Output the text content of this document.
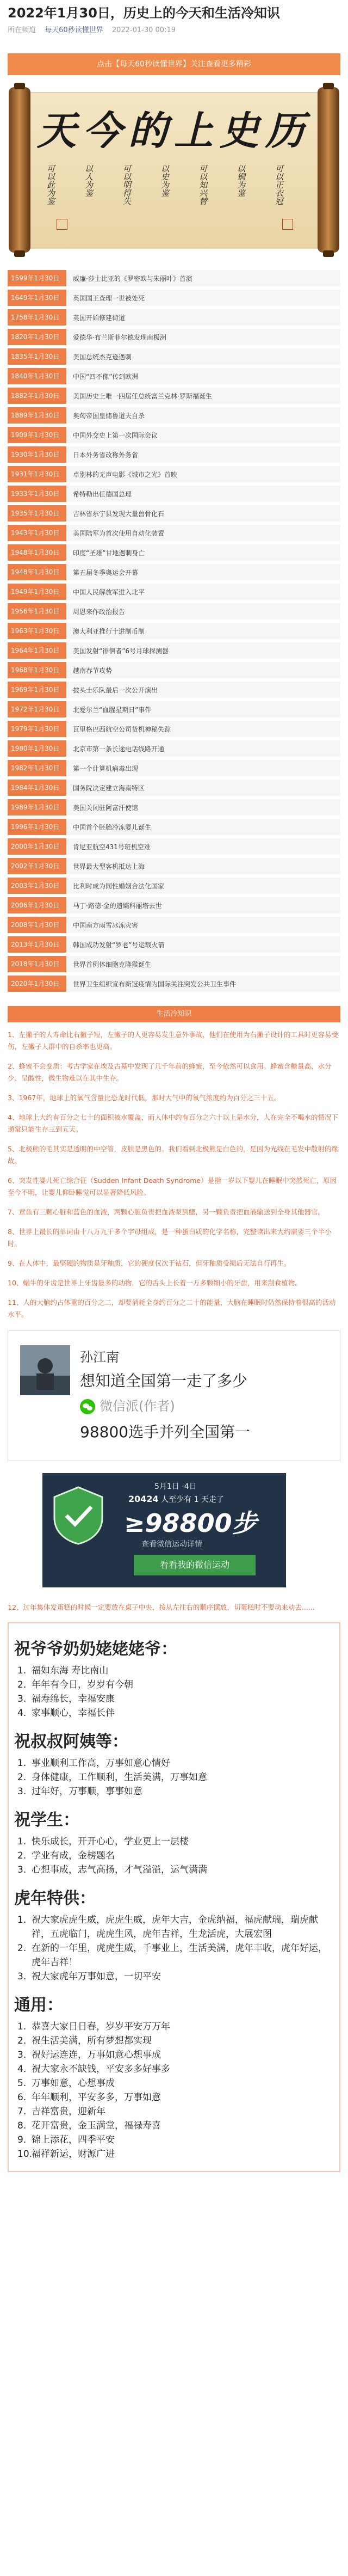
2022年1月30日，历史上的今天和生活冷知识
所在频道 每天60秒读懂世界 2022-01-30 00:19
点击【每天60秒读懂世界】关注查看更多精彩
天今的上史历
可以此为鉴	以人为鉴	可以明得失	以史为鉴	可以知兴替	以铜为鉴	可以正衣冠
1599年1月30日	威廉·莎士比亚的《罗密欧与朱丽叶》首演
1649年1月30日	英国国王查理一世被处死
1758年1月30日	英国开始修建街道
1820年1月30日	爱德华·布兰斯菲尔德发现南极洲
1835年1月30日	美国总统杰克逊遇刺
1840年1月30日	中国“四不像”传到欧洲
1882年1月30日	美国历史上唯一四届任总统富兰克林·罗斯福诞生
1889年1月30日	奥匈帝国皇储鲁道夫自杀
1909年1月30日	中国外交史上第一次国际会议
1930年1月30日	日本外务省改称外务省
1931年1月30日	卓别林的无声电影《城市之光》首映
1933年1月30日	希特勒出任德国总理
1935年1月30日	吉林省东宁县发现大量兽骨化石
1943年1月30日	美国陆军为首次使用自动化装置
1948年1月30日	印度“圣雄”甘地遇刺身亡
1948年1月30日	第五届冬季奥运会开幕
1949年1月30日	中国人民解放军进入北平
1956年1月30日	周恩来作政治报告
1963年1月30日	澳大利亚推行十进制币制
1964年1月30日	美国发射“徘徊者”6号月球探测器
1968年1月30日	越南春节攻势
1969年1月30日	披头士乐队最后一次公开演出
1972年1月30日	北爱尔兰“血腥星期日”事件
1979年1月30日	瓦里格巴西航空公司货机神秘失踪
1980年1月30日	北京市第一条长途电话线路开通
1982年1月30日	第一个计算机病毒出现
1984年1月30日	国务院决定建立海南特区
1989年1月30日	美国关闭驻阿富汗使馆
1996年1月30日	中国首个胚胎冷冻婴儿诞生
2000年1月30日	肯尼亚航空431号班机空难
2002年1月30日	世界最大型客机抵达上海
2003年1月30日	比利时成为同性婚姻合法化国家
2006年1月30日	马丁·路德·金的遗孀科丽塔去世
2008年1月30日	中国南方雨雪冰冻灾害
2013年1月30日	韩国成功发射“罗老”号运载火箭
2018年1月30日	世界首例体细胞克隆猴诞生
2020年1月30日	世界卫生组织宣布新冠疫情为国际关注突发公共卫生事件
生活冷知识

1、左撇子的人寿命比右撇子短，左撇子的人更容易发生意外事故，他们在使用为右撇子设计的工具时更容易受伤，左撇子人群中的自杀率也更高。

2、蜂蜜不会变质：考古学家在埃及古墓中发现了几千年前的蜂蜜，至今依然可以食用。蜂蜜含糖量高、水分少、呈酸性，微生物难以在其中生存。

3、1967年，地球上的氧气含量比恐龙时代低，那时大气中的氧气浓度约为百分之三十五。

4、地球上大约有百分之七十的面积被水覆盖，而人体中约有百分之六十以上是水分，人在完全不喝水的情况下通常只能生存三到五天。

5、北极熊的毛其实是透明的中空管，皮肤是黑色的。我们看到北极熊是白色的，是因为光线在毛发中散射的缘故。

6、突发性婴儿死亡综合征（Sudden Infant Death Syndrome）是指一岁以下婴儿在睡眠中突然死亡，原因至今不明，让婴儿仰卧睡觉可以显著降低风险。

7、章鱼有三颗心脏和蓝色的血液，两颗心脏负责把血液泵到鳃，另一颗负责把血液输送到全身其他器官。

8、世界上最长的单词由十八万九千多个字母组成，是一种蛋白质的化学名称，完整读出来大约需要三个半小时。

9、在人体中，最坚硬的物质是牙釉质，它的硬度仅次于钻石，但牙釉质受损后无法自行再生。

10、蜗牛的牙齿是世界上牙齿最多的动物，它的舌头上长着一万多颗细小的牙齿，用来刮食植物。

11、人的大脑约占体重的百分之二，却要消耗全身约百分之二十的能量，大脑在睡眠时仍然保持着很高的活动水平。

孙江南
想知道全国第一走了多少
微信派(作者)
98800选手并列全国第一
5月1日 ·4日
20424 人至少有 1 天走了
≥98800步
查看微信运动详情
看看我的微信运动
12、过年集体发蛋糕的时候一定要放在桌子中央，按从左往右的顺序摆放，切蛋糕时不要动来动去......
祝爷爷奶奶姥姥姥爷：
1. 福如东海 寿比南山
2. 年年有今日，岁岁有今朝
3. 福寿绵长，幸福安康
4. 家事顺心，幸福长伴
祝叔叔阿姨等：
1. 事业顺利工作高，万事如意心情好
2. 身体健康，工作顺利，生活美满，万事如意
3. 过年好，万事顺，事事如意
祝学生：
1. 快乐成长，开开心心，学业更上一层楼
2. 学业有成，金榜题名
3. 心想事成，志气高扬，才气溢溢，运气满满
虎年特供：
1. 祝大家虎虎生威，虎虎生威，虎年大吉，金虎纳福，福虎献瑞，瑞虎献祥，五虎临门，虎虎生风，虎年吉祥，生龙活虎，大展宏图
2. 在新的一年里，虎虎生威，千事业上，生活美满，虎年丰收，虎年好运，虎年吉祥！
3. 祝大家虎年万事如意，一切平安
通用：
1. 恭喜大家日日春，岁岁平安万万年
2. 祝生活美满，所有梦想都实现
3. 祝好运连连，万事如意心想事成
4. 祝大家永不缺钱，平安多多好事多
5. 万事如意，心想事成
6. 年年顺利，平安多多，万事如意
7. 吉祥富贵，迎新年
8. 花开富贵，金玉满堂，福禄寿喜
9. 锦上添花，四季平安
10.
福祥新运，财源广进
